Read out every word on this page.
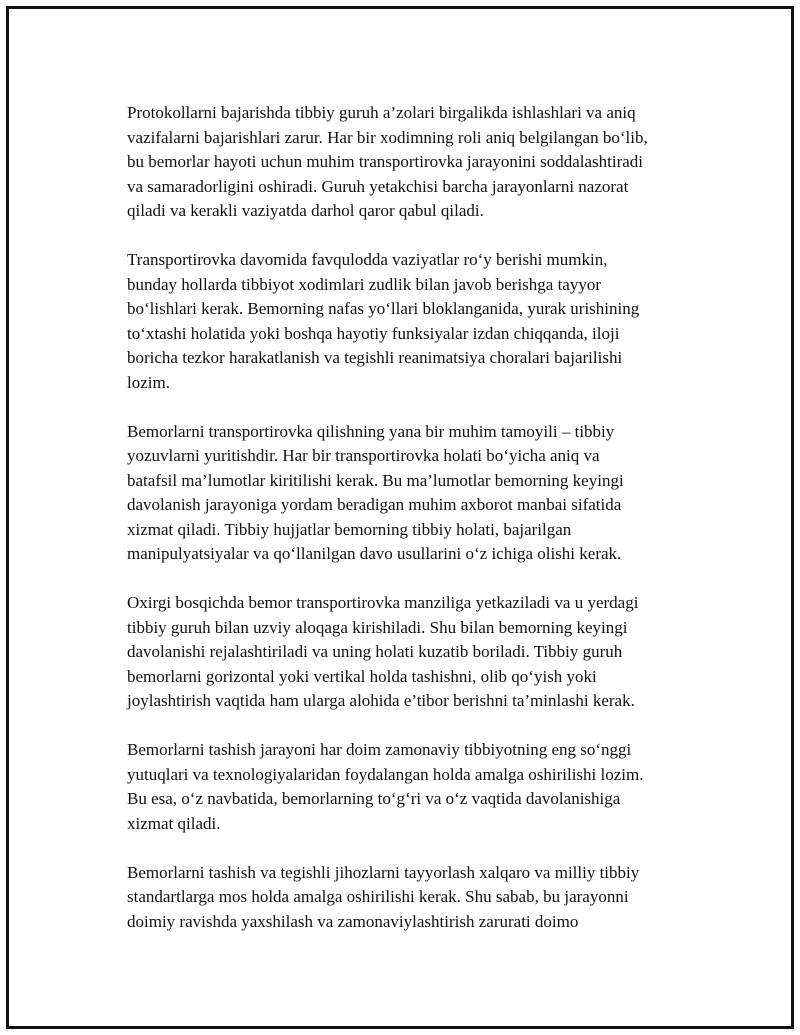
Protokollarni bajarishda tibbiy guruh a’zolari birgalikda ishlashlari va aniq
vazifalarni bajarishlari zarur. Har bir xodimning roli aniq belgilangan bo‘lib,
bu bemorlar hayoti uchun muhim transportirovka jarayonini soddalashtiradi
va samaradorligini oshiradi. Guruh yetakchisi barcha jarayonlarni nazorat
qiladi va kerakli vaziyatda darhol qaror qabul qiladi.

Transportirovka davomida favqulodda vaziyatlar ro‘y berishi mumkin,
bunday hollarda tibbiyot xodimlari zudlik bilan javob berishga tayyor
bo‘lishlari kerak. Bemorning nafas yo‘llari bloklanganida, yurak urishining
to‘xtashi holatida yoki boshqa hayotiy funksiyalar izdan chiqqanda, iloji
boricha tezkor harakatlanish va tegishli reanimatsiya choralari bajarilishi
lozim.

Bemorlarni transportirovka qilishning yana bir muhim tamoyili – tibbiy
yozuvlarni yuritishdir. Har bir transportirovka holati bo‘yicha aniq va
batafsil ma’lumotlar kiritilishi kerak. Bu ma’lumotlar bemorning keyingi
davolanish jarayoniga yordam beradigan muhim axborot manbai sifatida
xizmat qiladi. Tibbiy hujjatlar bemorning tibbiy holati, bajarilgan
manipulyatsiyalar va qo‘llanilgan davo usullarini o‘z ichiga olishi kerak.

Oxirgi bosqichda bemor transportirovka manziliga yetkaziladi va u yerdagi
tibbiy guruh bilan uzviy aloqaga kirishiladi. Shu bilan bemorning keyingi
davolanishi rejalashtiriladi va uning holati kuzatib boriladi. Tibbiy guruh
bemorlarni gorizontal yoki vertikal holda tashishni, olib qo‘yish yoki
joylashtirish vaqtida ham ularga alohida e’tibor berishni ta’minlashi kerak.

Bemorlarni tashish jarayoni har doim zamonaviy tibbiyotning eng so‘nggi
yutuqlari va texnologiyalaridan foydalangan holda amalga oshirilishi lozim.
Bu esa, o‘z navbatida, bemorlarning to‘g‘ri va o‘z vaqtida davolanishiga
xizmat qiladi.

Bemorlarni tashish va tegishli jihozlarni tayyorlash xalqaro va milliy tibbiy
standartlarga mos holda amalga oshirilishi kerak. Shu sabab, bu jarayonni
doimiy ravishda yaxshilash va zamonaviylashtirish zarurati doimo
